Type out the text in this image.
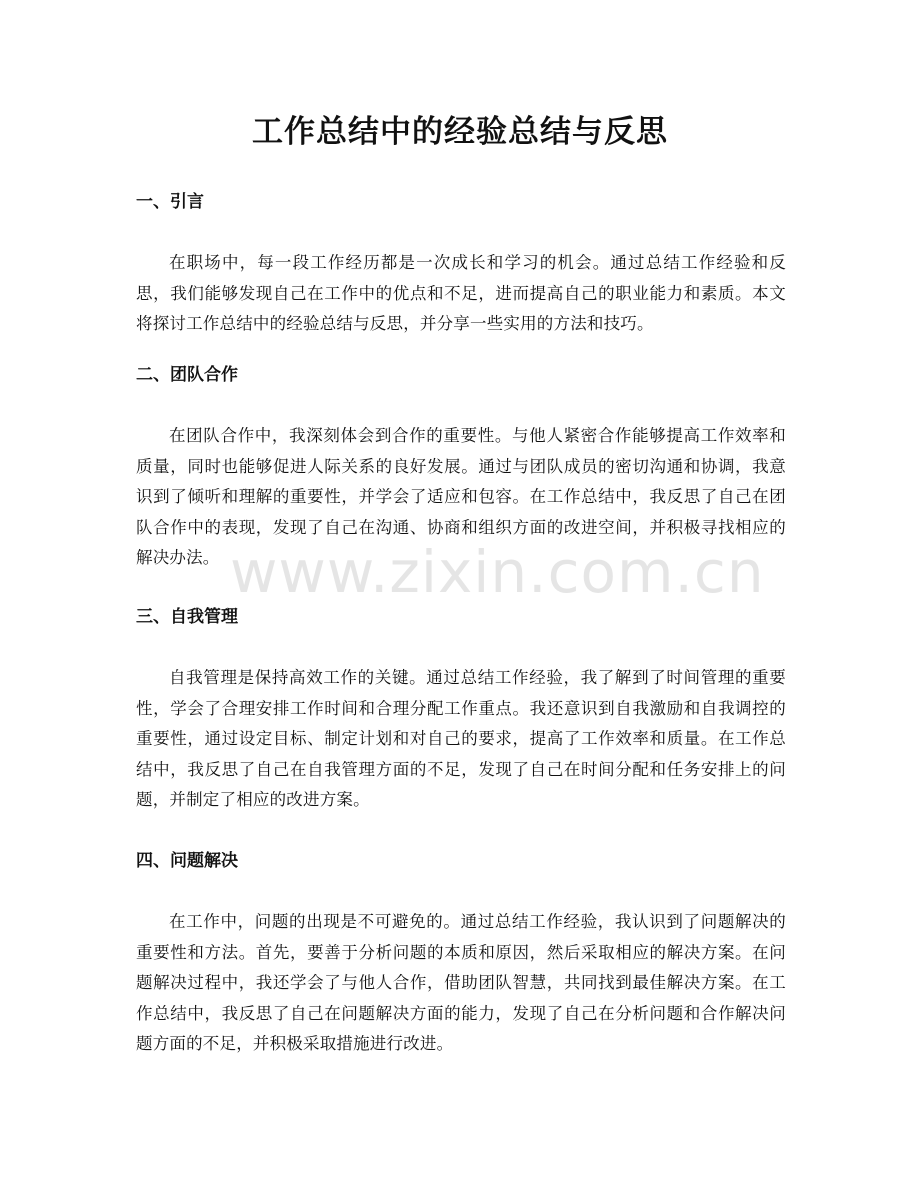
工作总结中的经验总结与反思
一、引言

在职场中，每一段工作经历都是一次成长和学习的机会。通过总结工作经验和反思，我们能够发现自己在工作中的优点和不足，进而提高自己的职业能力和素质。本文将探讨工作总结中的经验总结与反思，并分享一些实用的方法和技巧。

二、团队合作

在团队合作中，我深刻体会到合作的重要性。与他人紧密合作能够提高工作效率和质量，同时也能够促进人际关系的良好发展。通过与团队成员的密切沟通和协调，我意识到了倾听和理解的重要性，并学会了适应和包容。在工作总结中，我反思了自己在团队合作中的表现，发现了自己在沟通、协商和组织方面的改进空间，并积极寻找相应的解决办法。

三、自我管理

自我管理是保持高效工作的关键。通过总结工作经验，我了解到了时间管理的重要性，学会了合理安排工作时间和合理分配工作重点。我还意识到自我激励和自我调控的重要性，通过设定目标、制定计划和对自己的要求，提高了工作效率和质量。在工作总结中，我反思了自己在自我管理方面的不足，发现了自己在时间分配和任务安排上的问题，并制定了相应的改进方案。

四、问题解决

在工作中，问题的出现是不可避免的。通过总结工作经验，我认识到了问题解决的重要性和方法。首先，要善于分析问题的本质和原因，然后采取相应的解决方案。在问题解决过程中，我还学会了与他人合作，借助团队智慧，共同找到最佳解决方案。在工作总结中，我反思了自己在问题解决方面的能力，发现了自己在分析问题和合作解决问题方面的不足，并积极采取措施进行改进。

www.zixin.com.cn
